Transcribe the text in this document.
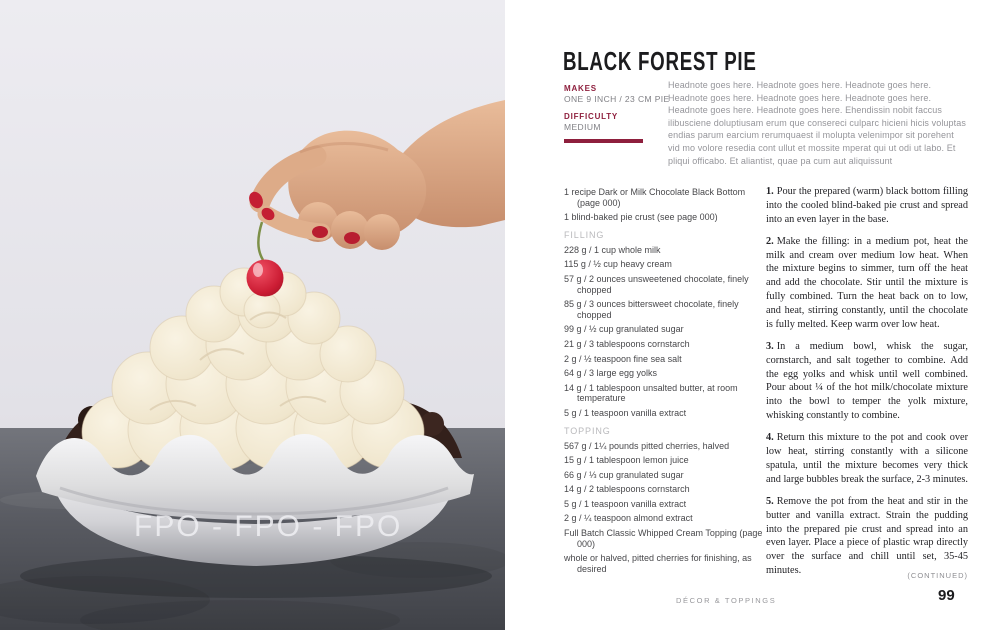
FPO - FPO - FPO
BLACK FOREST PIE
MAKES
ONE 9 INCH / 23 CM PIE
DIFFICULTY
MEDIUM

Headnote goes here. Headnote goes here. Headnote goes here. Headnote goes here. Headnote goes here. Headnote goes here. Headnote goes here. Headnote goes here. Ehendissin nobit faccus ilibusciene doluptiusam erum que consereci culparc hicieni hicis voluptas endias parum earcium rerumquaest il molupta velenimpor sit porehent vid mo volore resedia cont ullut et mossite mperat qui ut odi ut labo. Et pliqui officabo. Et aliantist, quae pa cum aut aliquissunt

1 recipe Dark or Milk Chocolate Black Bottom (page 000)
1 blind-baked pie crust (see page 000)
FILLING
228 g / 1 cup whole milk
115 g / ½ cup heavy cream
57 g / 2 ounces unsweetened chocolate, finely chopped
85 g / 3 ounces bittersweet chocolate, finely chopped
99 g / ½ cup granulated sugar
21 g / 3 tablespoons cornstarch
2 g / ½ teaspoon fine sea salt
64 g / 3 large egg yolks
14 g / 1 tablespoon unsalted butter, at room temperature
5 g / 1 teaspoon vanilla extract
TOPPING
567 g / 1¼ pounds pitted cherries, halved
15 g / 1 tablespoon lemon juice
66 g / ⅓ cup granulated sugar
14 g / 2 tablespoons cornstarch
5 g / 1 teaspoon vanilla extract
2 g / ¼ teaspoon almond extract
Full Batch Classic Whipped Cream Topping (page 000)
whole or halved, pitted cherries for finishing, as desired

1. Pour the prepared (warm) black bottom filling into the cooled blind-baked pie crust and spread into an even layer in the base.

2. Make the filling: in a medium pot, heat the milk and cream over medium low heat. When the mixture begins to simmer, turn off the heat and add the chocolate. Stir until the mixture is fully combined. Turn the heat back on to low, and heat, stirring constantly, until the chocolate is fully melted. Keep warm over low heat.

3. In a medium bowl, whisk the sugar, cornstarch, and salt together to combine. Add the egg yolks and whisk until well combined. Pour about ¼ of the hot milk/chocolate mixture into the bowl to temper the yolk mixture, whisking constantly to combine.

4. Return this mixture to the pot and cook over low heat, stirring constantly with a silicone spatula, until the mixture becomes very thick and large bubbles break the surface, 2-3 minutes.

5. Remove the pot from the heat and stir in the butter and vanilla extract. Strain the pudding into the prepared pie crust and spread into an even layer. Place a piece of plastic wrap directly over the surface and chill until set, 35-45 minutes.	(CONTINUED)
DÉCOR & TOPPINGS	99
